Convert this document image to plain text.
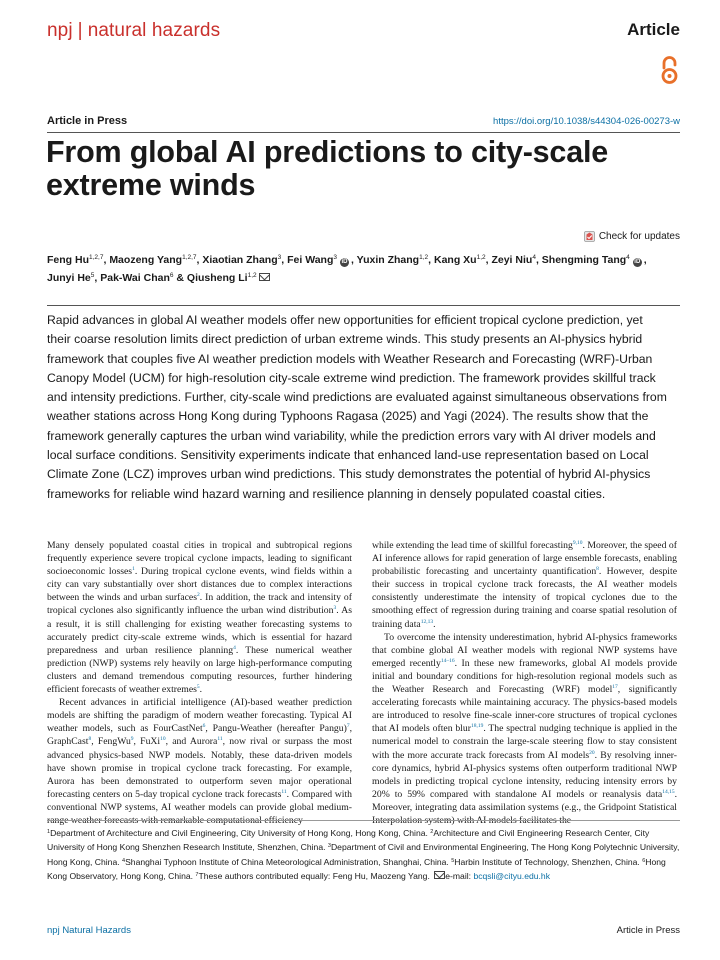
npj | natural hazards	Article
Article in Press	https://doi.org/10.1038/s44304-026-00273-w
From global AI predictions to city-scale extreme winds
Check for updates
Feng Hu$^{1,2,7}$, Maozeng Yang$^{1,2,7}$, Xiaotian Zhang$^3$, Fei Wang$^3$iD , Yuxin Zhang$^{1,2}$, Kang Xu$^{1,2}$, Zeyi Niu$^4$, Shengming Tang$^4$iD , Junyi He$^5$, Pak-Wai Chan$^6$ & Qiusheng Li$^{1,2}$

Rapid advances in global AI weather models offer new opportunities for efficient tropical cyclone prediction, yet their coarse resolution limits direct prediction of urban extreme winds. This study presents an AI-physics hybrid framework that couples five AI weather prediction models with Weather Research and Forecasting (WRF)-Urban Canopy Model (UCM) for high-resolution city-scale extreme wind prediction. The framework provides skillful track and intensity predictions. Further, city-scale wind predictions are evaluated against simultaneous observations from weather stations across Hong Kong during Typhoons Ragasa (2025) and Yagi (2024). The results show that the framework generally captures the urban wind variability, while the prediction errors vary with AI driver models and local surface conditions. Sensitivity experiments indicate that enhanced land-use representation based on Local Climate Zone (LCZ) improves urban wind predictions. This study demonstrates the potential of hybrid AI-physics frameworks for reliable wind hazard warning and resilience planning in densely populated coastal cities.

Many densely populated coastal cities in tropical and subtropical regions frequently experience severe tropical cyclone impacts, leading to significant socioeconomic losses$^1$. During tropical cyclone events, wind fields within a city can vary substantially over short distances due to complex interactions between the winds and urban surfaces$^2$. In addition, the track and intensity of tropical cyclones also significantly influence the urban wind distribution$^3$. As a result, it is still challenging for existing weather forecasting systems to accurately predict city-scale extreme winds, which is essential for hazard preparedness and urban resilience planning$^4$. These numerical weather prediction (NWP) systems rely heavily on large high-performance computing clusters and demand tremendous computing resources, further hindering efficient forecasts of weather extremes$^5$.

Recent advances in artificial intelligence (AI)-based weather prediction models are shifting the paradigm of modern weather forecasting. Typical AI weather models, such as FourCastNet$^6$, Pangu-Weather (hereafter Pangu)$^7$, GraphCast$^8$, FengWu$^9$, FuXi$^{10}$, and Aurora$^{11}$, now rival or surpass the most advanced physics-based NWP models. Notably, these data-driven models have shown promise in tropical cyclone track forecasting. For example, Aurora has been demonstrated to outperform seven major operational forecasting centers on 5-day tropical cyclone track forecasts$^{11}$. Compared with conventional NWP systems, AI weather models can provide global medium-

while extending the lead time of skillful forecasting$^{9,10}$. Moreover, the speed of AI inference allows for rapid generation of large ensemble forecasts, enabling probabilistic forecasting and uncertainty quantification$^8$. However, despite their success in tropical cyclone track forecasts, the AI weather models consistently underestimate the intensity of tropical cyclones due to the smoothing effect of regression during training and coarse spatial resolution of training data$^{12,13}$.

To overcome the intensity underestimation, hybrid AI-physics frameworks that combine global AI weather models with regional NWP systems have emerged recently$^{14-16}$. In these new frameworks, global AI models provide initial and boundary conditions for high-resolution regional models such as the Weather Research and Forecasting (WRF) model$^{17}$, significantly accelerating forecasts while maintaining accuracy. The physics-based models are introduced to resolve fine-scale inner-core structures of tropical cyclones that AI models often blur$^{18,19}$. The spectral nudging technique is applied in the numerical model to constrain the large-scale steering flow to stay consistent with the more accurate track forecasts from AI models$^{20}$. By resolving inner-core dynamics, hybrid AI-physics systems often outperform traditional NWP models in predicting tropical cyclone intensity, reducing intensity errors by 20% to 59% compared with standalone AI models or reanalysis data$^{14,15}$. Moreover, integrating data assimilation systems (e.g., the Gridpoint Statistical

$^1$Department of Architecture and Civil Engineering, City University of Hong Kong, Hong Kong, China. $^2$Architecture and Civil Engineering Research Center, City University of Hong Kong Shenzhen Research Institute, Shenzhen, China. $^3$Department of Civil and Environmental Engineering, The Hong Kong Polytechnic University, Hong Kong, China. $^4$Shanghai Typhoon Institute of China Meteorological Administration, Shanghai, China. $^5$Harbin Institute of Technology, Shenzhen, China. $^6$Hong Kong Observatory, Hong Kong, China. $^7$These authors contributed equally: Feng Hu, Maozeng Yang. e-mail: bcqsli@cityu.edu.hk
npj Natural Hazards	Article in Press
